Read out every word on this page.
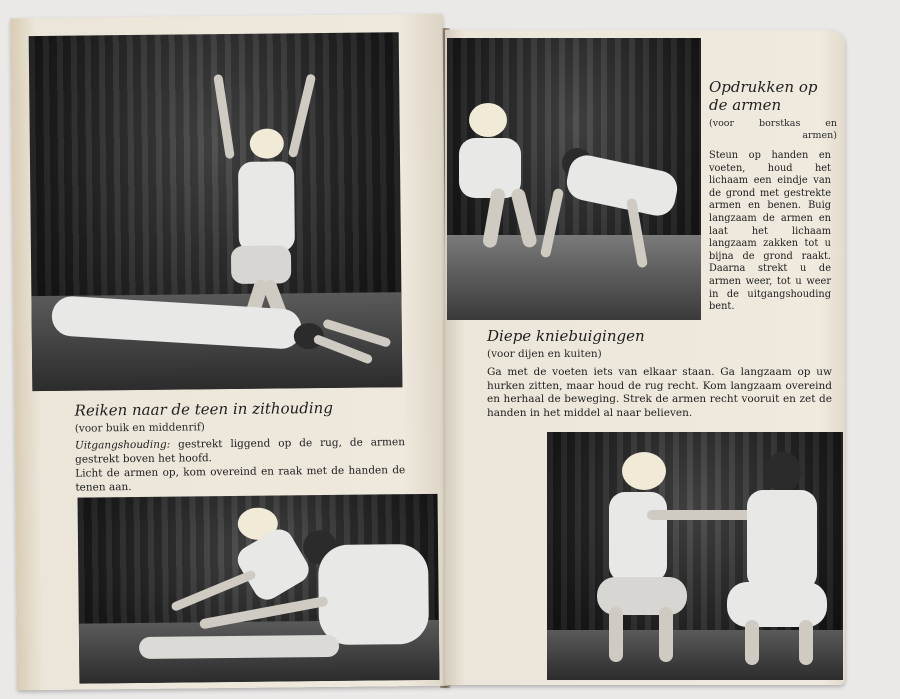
Reiken naar de teen in zithouding
(voor buik en middenrif)
Uitgangshouding: gestrekt liggend op de rug, de armen gestrekt boven het hoofd.
Licht de armen op, kom overeind en raak met de handen de tenen aan.
Opdrukken op
de armen
(voor borstkas en
armen)
Steun op handen en voeten, houd het lichaam een eindje van de grond met gestrekte armen en benen. Buig langzaam de armen en laat het lichaam langzaam zakken tot u bijna de grond raakt. Daarna strekt u de armen weer, tot u weer in de uitgangshouding bent.
Diepe kniebuigingen
(voor dijen en kuiten)
Ga met de voeten iets van elkaar staan. Ga langzaam op uw hurken zitten, maar houd de rug recht. Kom langzaam overeind en herhaal de beweging. Strek de armen recht vooruit en zet de handen in het middel al naar believen.
